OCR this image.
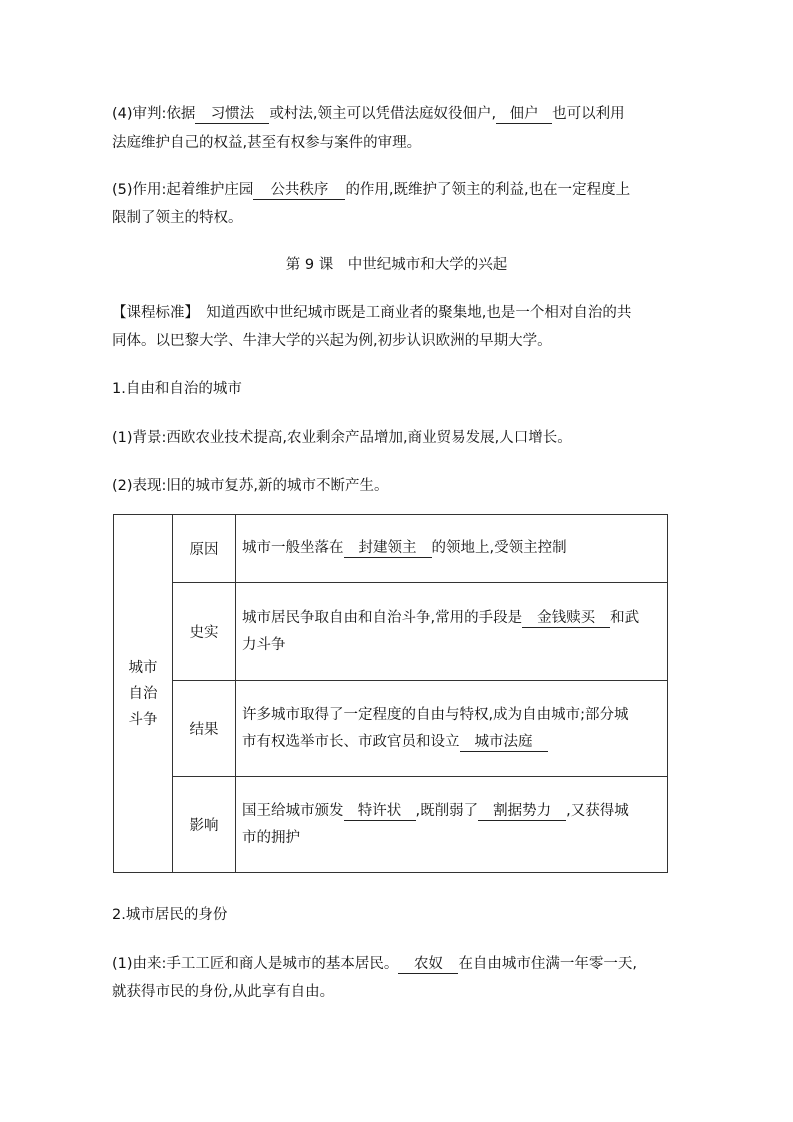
(4)审判:依据 习惯法 或村法,领主可以凭借法庭奴役佃户, 佃户 也可以利用
法庭维护自己的权益,甚至有权参与案件的审理。
(5)作用:起着维护庄园 公共秩序 的作用,既维护了领主的利益,也在一定程度上
限制了领主的特权。
第 9 课　中世纪城市和大学的兴起
【课程标准】　知道西欧中世纪城市既是工商业者的聚集地,也是一个相对自治的共
同体。以巴黎大学、牛津大学的兴起为例,初步认识欧洲的早期大学。
1.自由和自治的城市
(1)背景:西欧农业技术提高,农业剩余产品增加,商业贸易发展,人口增长。
(2)表现:旧的城市复苏,新的城市不断产生。
城市
自治
斗争	原因	城市一般坐落在 封建领主 的领地上,受领主控制
	史实	城市居民争取自由和自治斗争,常用的手段是 金钱赎买 和武
力斗争

	结果	许多城市取得了一定程度的自由与特权,成为自由城市;部分城
市有权选举市长、市政官员和设立 城市法庭

	影响	国王给城市颁发 特许状 ,既削弱了 割据势力 ,又获得城
市的拥护
2.城市居民的身份
(1)由来:手工工匠和商人是城市的基本居民。 农奴 在自由城市住满一年零一天,
就获得市民的身份,从此享有自由。
